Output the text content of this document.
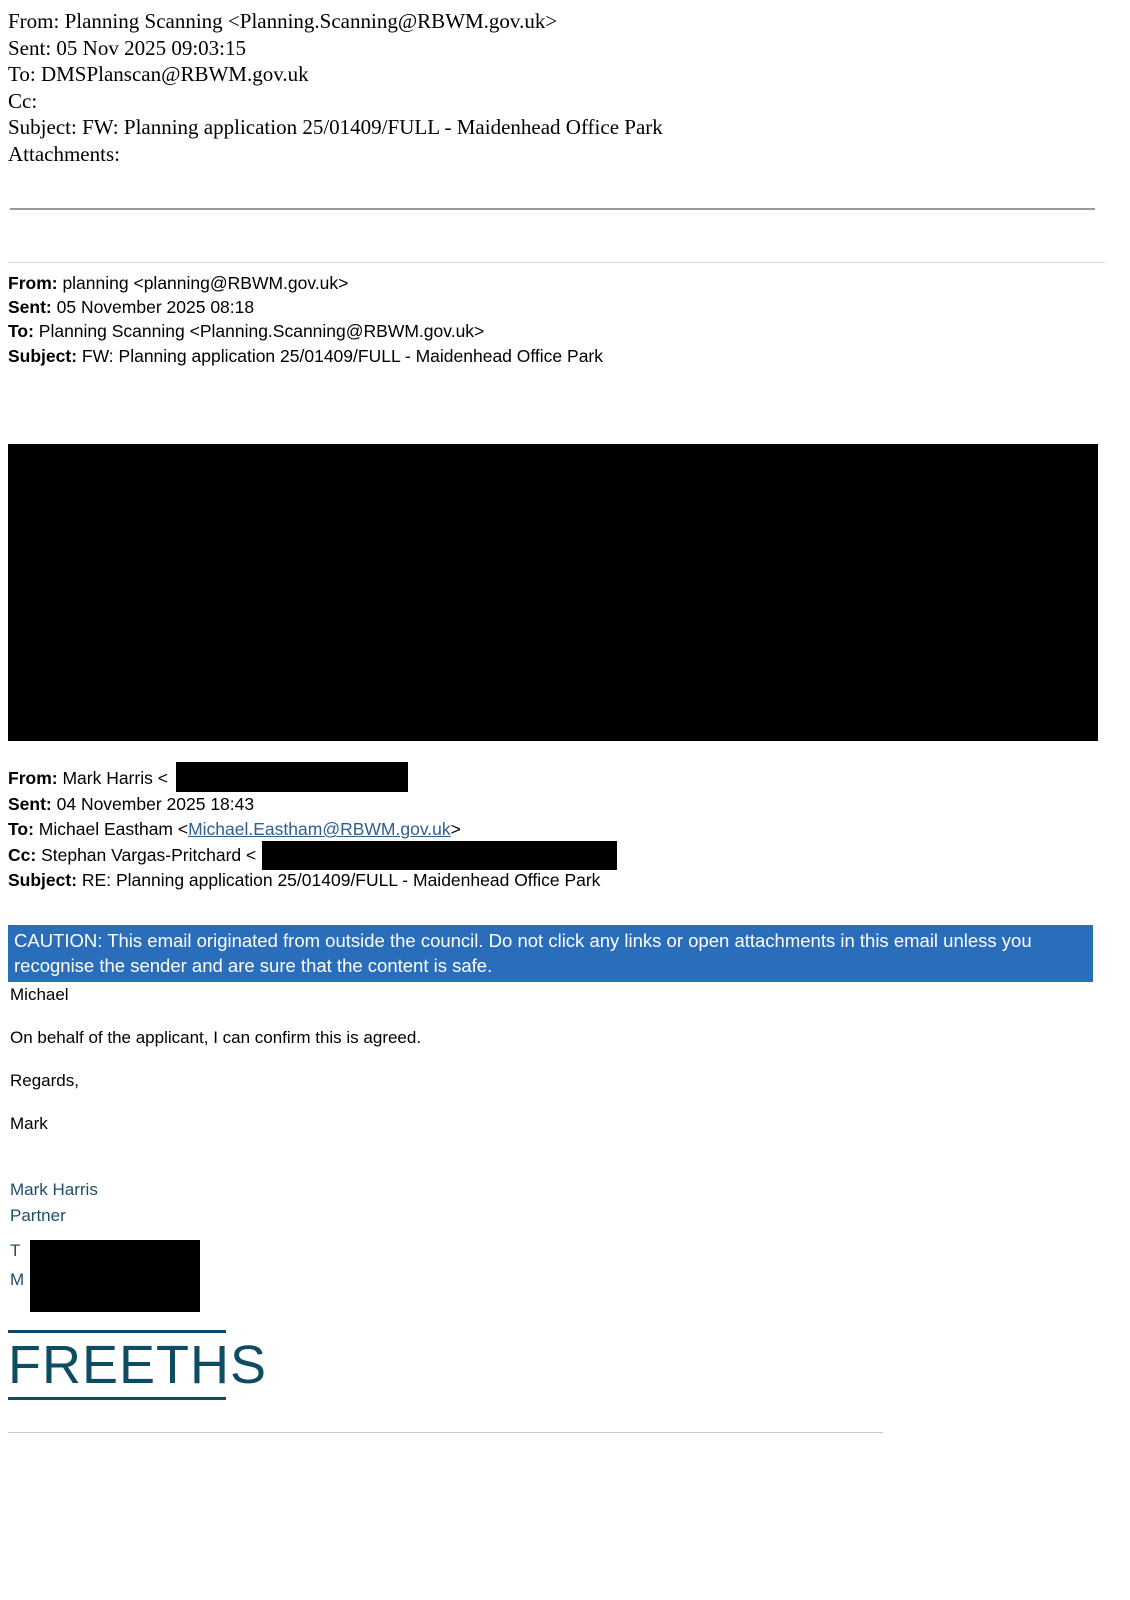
From: Planning Scanning <Planning.Scanning@RBWM.gov.uk>
Sent: 05 Nov 2025 09:03:15
To: DMSPlanscan@RBWM.gov.uk
Cc:
Subject: FW: Planning application 25/01409/FULL - Maidenhead Office Park
Attachments:
From: planning <planning@RBWM.gov.uk>
Sent: 05 November 2025 08:18
To: Planning Scanning <Planning.Scanning@RBWM.gov.uk>
Subject: FW: Planning application 25/01409/FULL - Maidenhead Office Park
From: Mark Harris <
Sent: 04 November 2025 18:43
To: Michael Eastham <Michael.Eastham@RBWM.gov.uk>
Cc: Stephan Vargas-Pritchard <
Subject: RE: Planning application 25/01409/FULL - Maidenhead Office Park
CAUTION: This email originated from outside the council. Do not click any links or open attachments in this email unless you recognise the sender and are sure that the content is safe.

Michael

On behalf of the applicant, I can confirm this is agreed.

Regards,

Mark

Mark Harris
Partner
T
M
FREETHS
